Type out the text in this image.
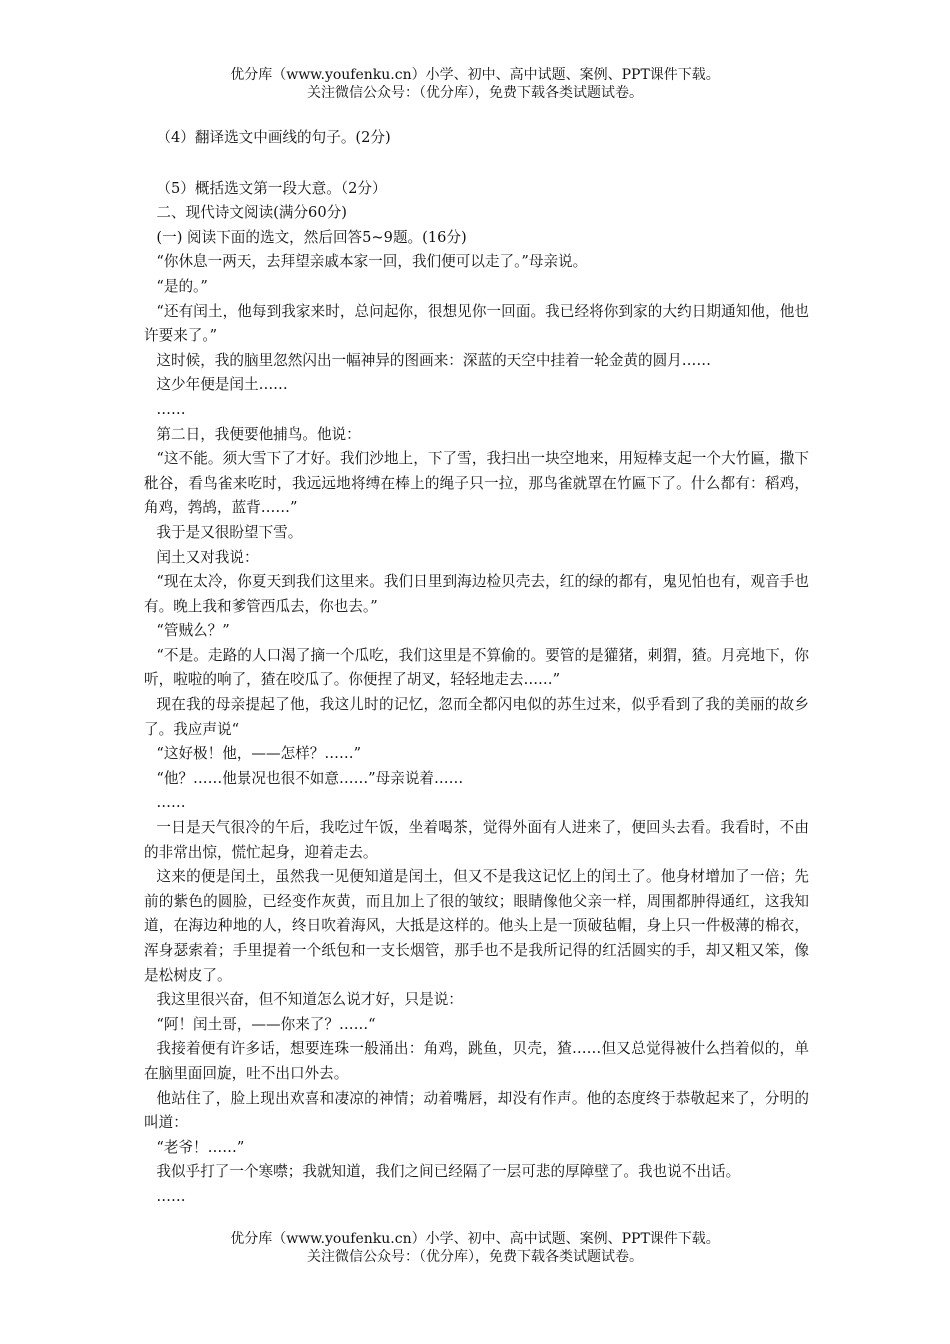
优分库（www.youfenku.cn）小学、初中、高中试题、案例、PPT课件下载。
关注微信公众号：（优分库），免费下载各类试题试卷。

（4）翻译选文中画线的句子。(2分)

（5）概括选文第一段大意。（2分）

二、现代诗文阅读(满分60分)

(一) 阅读下面的选文，然后回答5~9题。(16分)

“你休息一两天，去拜望亲戚本家一回，我们便可以走了。”母亲说。

“是的。”

“还有闰土，他每到我家来时，总问起你，很想见你一回面。我已经将你到家的大约日期通知他，他也许要来了。”

这时候，我的脑里忽然闪出一幅神异的图画来：深蓝的天空中挂着一轮金黄的圆月……

这少年便是闰土……

……

第二日，我便要他捕鸟。他说：

“这不能。须大雪下了才好。我们沙地上，下了雪，我扫出一块空地来，用短棒支起一个大竹匾，撒下秕谷，看鸟雀来吃时，我远远地将缚在棒上的绳子只一拉，那鸟雀就罩在竹匾下了。什么都有：稻鸡，角鸡，鹁鸪，蓝背……”

我于是又很盼望下雪。

闰土又对我说：

“现在太冷，你夏天到我们这里来。我们日里到海边检贝壳去，红的绿的都有，鬼见怕也有，观音手也有。晚上我和爹管西瓜去，你也去。”

“管贼么？”

“不是。走路的人口渴了摘一个瓜吃，我们这里是不算偷的。要管的是獾猪，刺猬，猹。月亮地下，你听，啦啦的响了，猹在咬瓜了。你便捏了胡叉，轻轻地走去……”

现在我的母亲提起了他，我这儿时的记忆，忽而全都闪电似的苏生过来，似乎看到了我的美丽的故乡了。我应声说“

“这好极！他，——怎样？……”

“他？……他景况也很不如意……”母亲说着……

……

一日是天气很冷的午后，我吃过午饭，坐着喝茶，觉得外面有人进来了，便回头去看。我看时，不由的非常出惊，慌忙起身，迎着走去。

这来的便是闰土，虽然我一见便知道是闰土，但又不是我这记忆上的闰土了。他身材增加了一倍；先前的紫色的圆脸，已经变作灰黄，而且加上了很的皱纹；眼睛像他父亲一样，周围都肿得通红，这我知道，在海边种地的人，终日吹着海风，大抵是这样的。他头上是一顶破毡帽，身上只一件极薄的棉衣，浑身瑟索着；手里提着一个纸包和一支长烟管，那手也不是我所记得的红活圆实的手，却又粗又笨，像是松树皮了。

我这里很兴奋，但不知道怎么说才好，只是说：

“阿！闰土哥，——你来了？……“

我接着便有许多话，想要连珠一般涌出：角鸡，跳鱼，贝壳，猹……但又总觉得被什么挡着似的，单在脑里面回旋，吐不出口外去。

他站住了，脸上现出欢喜和凄凉的神情；动着嘴唇，却没有作声。他的态度终于恭敬起来了，分明的叫道：

“老爷！……”

我似乎打了一个寒噤；我就知道，我们之间已经隔了一层可悲的厚障壁了。我也说不出话。

……

优分库（www.youfenku.cn）小学、初中、高中试题、案例、PPT课件下载。
关注微信公众号：（优分库），免费下载各类试题试卷。
